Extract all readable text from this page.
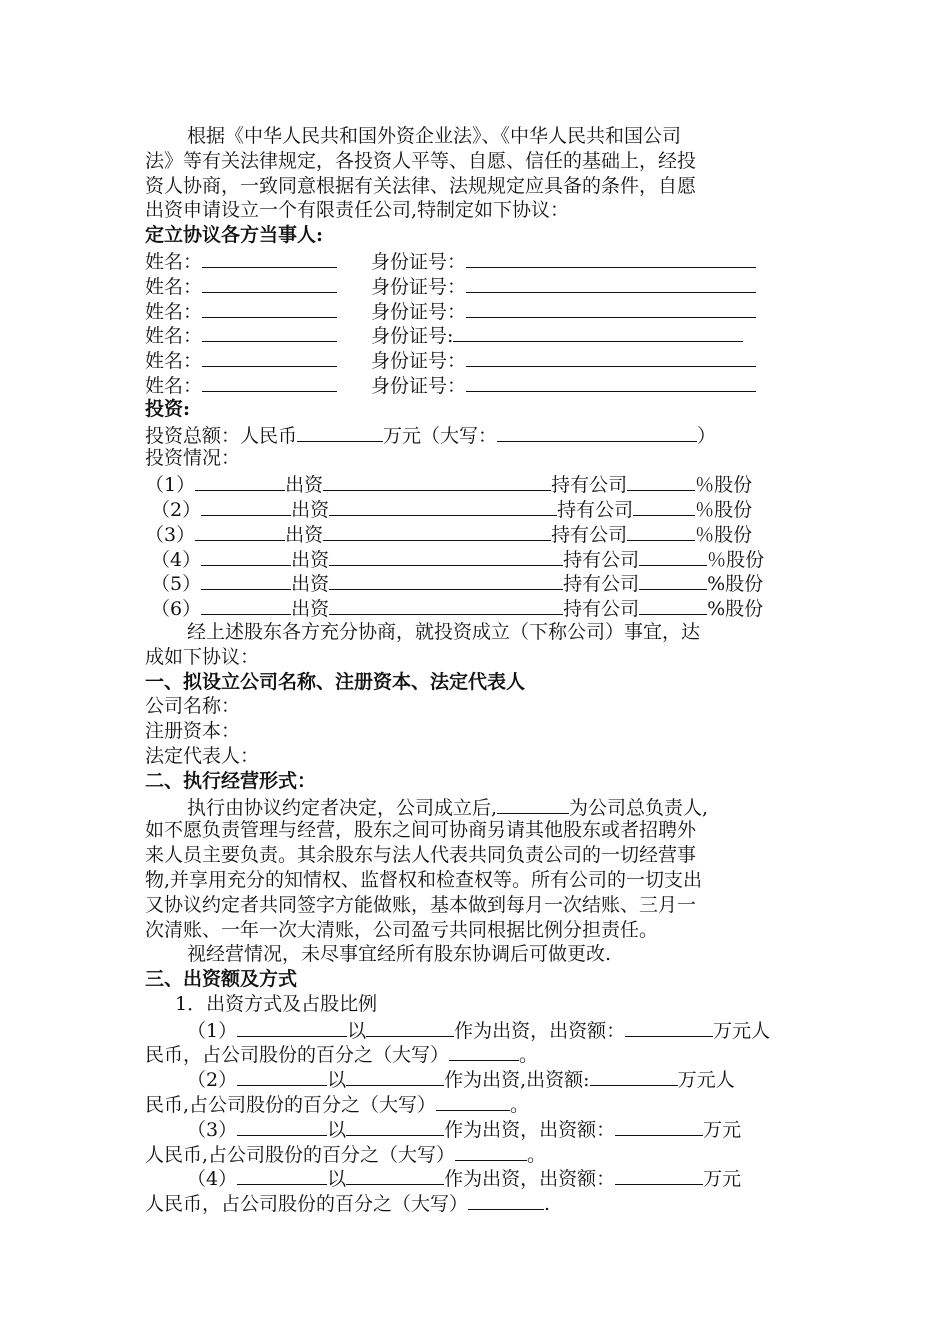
根据《中华人民共和国外资企业法》、《中华人民共和国公司
法》等有关法律规定，各投资人平等、自愿、信任的基础上，经投
资人协商，一致同意根据有关法律、法规规定应具备的条件，自愿
出资申请设立一个有限责任公司,特制定如下协议：
定立协议各方当事人:
姓名：	身份证号：
姓名：	身份证号：
姓名：	身份证号：
姓名：	身份证号:
姓名：	身份证号：
姓名：	身份证号：
投资:
投资总额：人民币	万元（大写：	）
投资情况：
（1）	出资	持有公司	％股份
（2）	出资	持有公司	％股份
（3）	出资	持有公司	％股份
（4）	出资	持有公司	％股份
（5）	出资	持有公司	%股份
（6）	出资	持有公司	%股份
经上述股东各方充分协商，就投资成立（下称公司）事宜，达
成如下协议：
一、拟设立公司名称、注册资本、法定代表人
公司名称：
注册资本：
法定代表人：
二、执行经营形式：
执行由协议约定者决定，公司成立后,	为公司总负责人,
如不愿负责管理与经营，股东之间可协商另请其他股东或者招聘外
来人员主要负责。其余股东与法人代表共同负责公司的一切经营事
物,并享用充分的知情权、监督权和检查权等。所有公司的一切支出
又协议约定者共同签字方能做账，基本做到每月一次结账、三月一
次清账、一年一次大清账，公司盈亏共同根据比例分担责任。
视经营情况，未尽事宜经所有股东协调后可做更改.
三、出资额及方式
1．出资方式及占股比例
（1）	以	作为出资，出资额：	万元人
民币，占公司股份的百分之（大写）	。
（2）	以	作为出资,出资额:	万元人
民币,占公司股份的百分之（大写）	。
（3）	以	作为出资，出资额：	万元
人民币,占公司股份的百分之（大写）	。
（4）	以	作为出资，出资额：	万元
人民币，占公司股份的百分之（大写）	.
